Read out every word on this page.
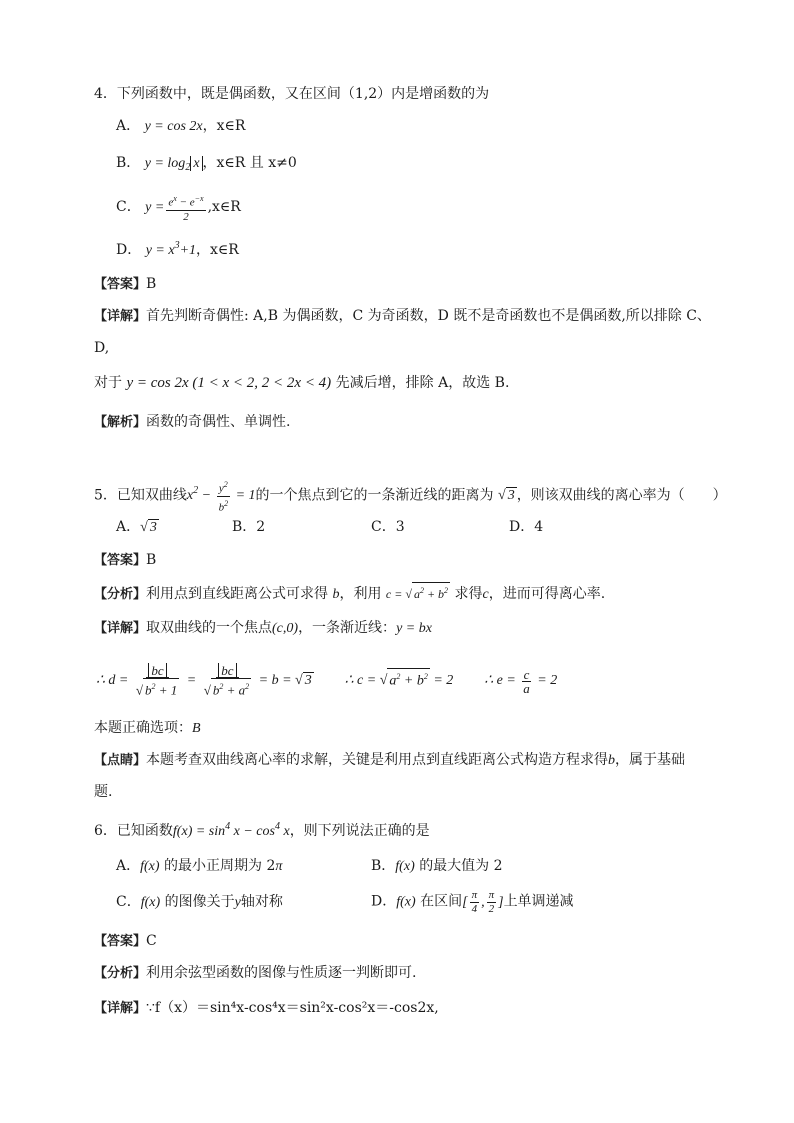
4．下列函数中，既是偶函数，又在区间（1,2）内是增函数的为
A． y = cos 2x，x∈R
B． $y = \log_2 x$ ，x∈R 且 x≠0
C． $y = \frac{e^x - e^{-x}}{2}$ ,x∈R
D． $y = x^3+1$，x∈R
【答案】B
【详解】首先判断奇偶性: A,B 为偶函数，C 为奇函数，D 既不是奇函数也不是偶函数,所以排除 C、
D,
对于 y = cos 2x (1 < x < 2, 2 < 2x < 4) 先减后增，排除 A，故选 B.
【解析】函数的奇偶性、单调性.
5．已知双曲线$x^2 - \frac{y^2}{b^2} = 1$的一个焦点到它的一条渐近线的距离为 √ 3 ，则该双曲线的离心率为（　　）
A．√ 3	B．2	C．3	D．4
【答案】B
【分析】利用点到直线距离公式可求得 b，利用 c = √ $a^2 + b^2$ 求得c，进而可得离心率.
【详解】取双曲线的一个焦点(c,0)，一条渐近线：y = bx
∴ $d = \frac{bc}{√ b^2 + 1} = \frac{bc}{√ b^2 + a^2} = b$ = √ 3 ∴ c = √ $a^2 + b^2 = 2$ ∴ $e = \frac{c}{a} = 2$
本题正确选项：B
【点睛】本题考查双曲线离心率的求解，关键是利用点到直线距离公式构造方程求得b，属于基础
题.
6．已知函数$f(x) = \sin^4 x - \cos^4 x$，则下列说法正确的是
A．f(x) 的最小正周期为 2π	B．f(x) 的最大值为 2
C．f(x) 的图像关于y轴对称	D．f(x) 在区间[ $\frac{\pi}{4}$ , $\frac{\pi}{2}$ ]上单调递减
【答案】C
【分析】利用余弦型函数的图像与性质逐一判断即可.
【详解】∵f（x）＝sin⁴x-cos⁴x＝sin²x-cos²x＝-cos2x,
